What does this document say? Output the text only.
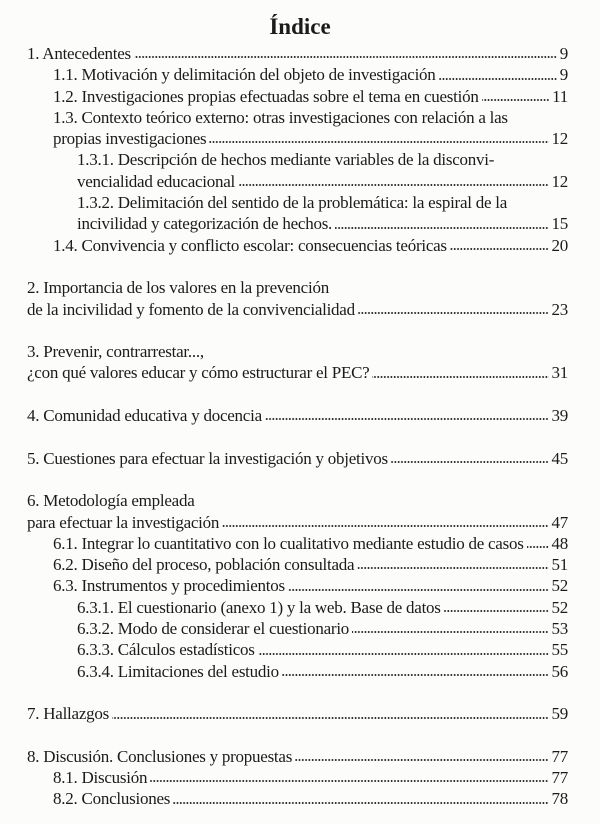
Índice
1. Antecedentes	9
1.1. Motivación y delimitación del objeto de investigación	9
1.2. Investigaciones propias efectuadas sobre el tema en cuestión	11
1.3. Contexto teórico externo: otras investigaciones con relación a las
propias investigaciones	12
1.3.1. Descripción de hechos mediante variables de la disconvi-
vencialidad educacional	12
1.3.2. Delimitación del sentido de la problemática: la espiral de la
incivilidad y categorización de hechos.	15
1.4. Convivencia y conflicto escolar: consecuencias teóricas	20
2. Importancia de los valores en la prevención
de la incivilidad y fomento de la convivencialidad	23
3. Prevenir, contrarrestar...,
¿con qué valores educar y cómo estructurar el PEC?	31
4. Comunidad educativa y docencia	39
5. Cuestiones para efectuar la investigación y objetivos	45
6. Metodología empleada
para efectuar la investigación	47
6.1. Integrar lo cuantitativo con lo cualitativo mediante estudio de casos 48
6.2. Diseño del proceso, población consultada	51
6.3. Instrumentos y procedimientos	52
6.3.1. El cuestionario (anexo 1) y la web. Base de datos	52
6.3.2. Modo de considerar el cuestionario	53
6.3.3. Cálculos estadísticos	55
6.3.4. Limitaciones del estudio	56
7. Hallazgos	59
8. Discusión. Conclusiones y propuestas	77
8.1. Discusión	77
8.2. Conclusiones	78
